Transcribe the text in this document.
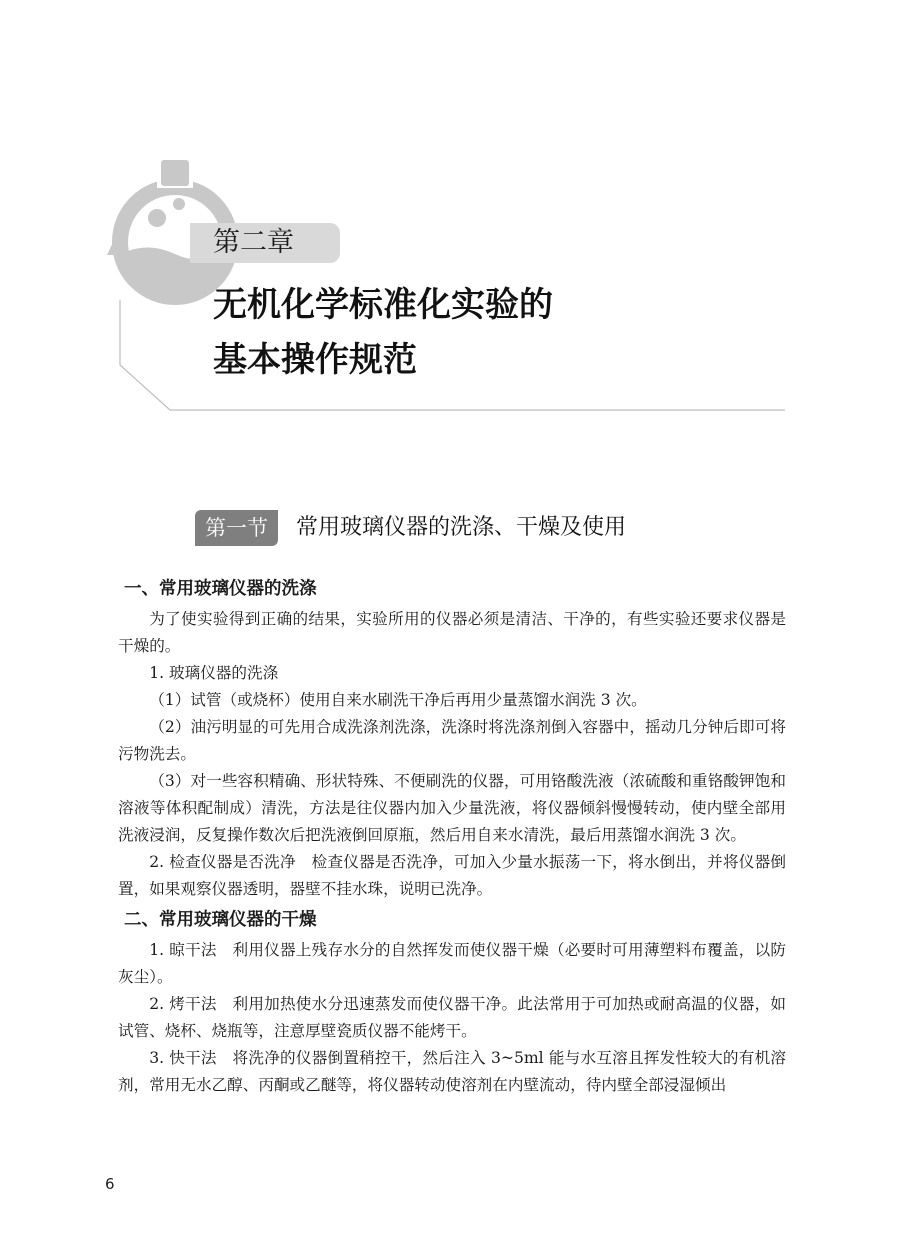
第二章
无机化学标准化实验的
基本操作规范
第一节	常用玻璃仪器的洗涤、干燥及使用
一、常用玻璃仪器的洗涤

为了使实验得到正确的结果，实验所用的仪器必须是清洁、干净的，有些实验还要求仪器是干燥的。

1. 玻璃仪器的洗涤

（1）试管（或烧杯）使用自来水刷洗干净后再用少量蒸馏水润洗 3 次。

（2）油污明显的可先用合成洗涤剂洗涤，洗涤时将洗涤剂倒入容器中，摇动几分钟后即可将污物洗去。

（3）对一些容积精确、形状特殊、不便刷洗的仪器，可用铬酸洗液（浓硫酸和重铬酸钾饱和溶液等体积配制成）清洗，方法是往仪器内加入少量洗液，将仪器倾斜慢慢转动，使内壁全部用洗液浸润，反复操作数次后把洗液倒回原瓶，然后用自来水清洗，最后用蒸馏水润洗 3 次。

2. 检查仪器是否洗净　检查仪器是否洗净，可加入少量水振荡一下，将水倒出，并将仪器倒置，如果观察仪器透明，器壁不挂水珠，说明已洗净。

二、常用玻璃仪器的干燥

1. 晾干法　利用仪器上残存水分的自然挥发而使仪器干燥（必要时可用薄塑料布覆盖，以防灰尘）。

2. 烤干法　利用加热使水分迅速蒸发而使仪器干净。此法常用于可加热或耐高温的仪器，如试管、烧杯、烧瓶等，注意厚壁瓷质仪器不能烤干。

3. 快干法　将洗净的仪器倒置稍控干，然后注入 3~5ml 能与水互溶且挥发性较大的有机溶剂，常用无水乙醇、丙酮或乙醚等，将仪器转动使溶剂在内壁流动，待内壁全部浸湿倾出

6
